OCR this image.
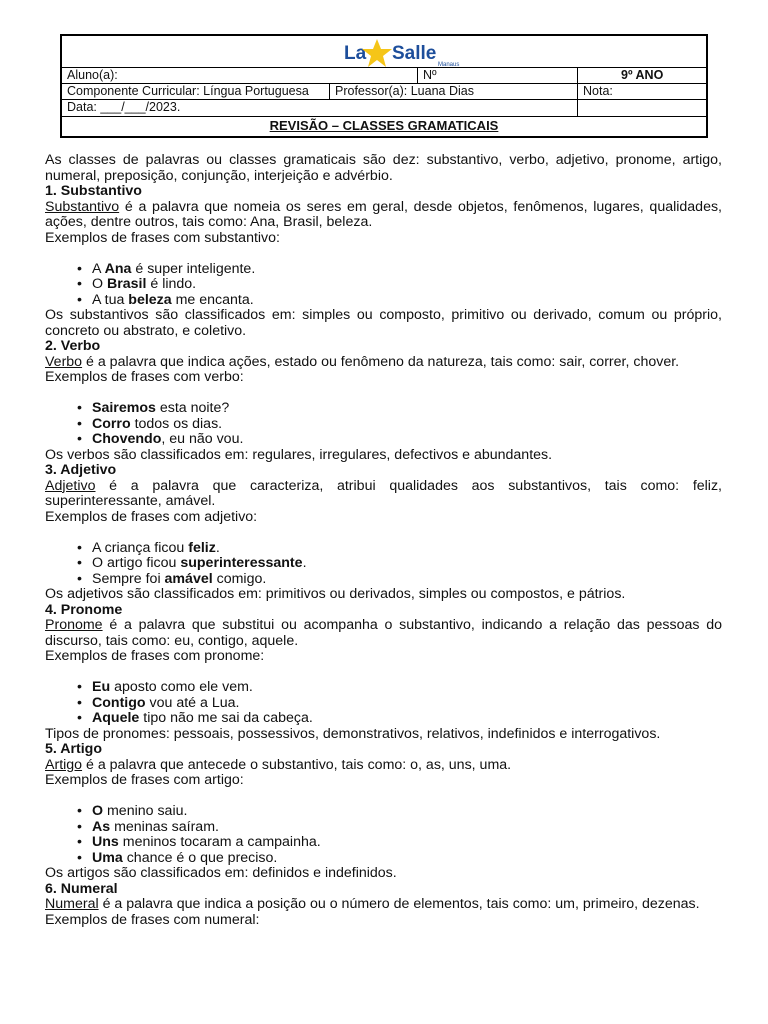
La Salle
Manaus
Aluno(a):	Nº	9º ANO
Componente Curricular: Língua Portuguesa	Professor(a): Luana Dias	Nota:
Data: ___/___/2023.
REVISÃO – CLASSES GRAMATICAIS

As classes de palavras ou classes gramaticais são dez: substantivo, verbo, adjetivo, pronome, artigo, numeral, preposição, conjunção, interjeição e advérbio.

1. Substantivo

Substantivo é a palavra que nomeia os seres em geral, desde objetos, fenômenos, lugares, qualidades, ações, dentre outros, tais como: Ana, Brasil, beleza.

Exemplos de frases com substantivo:

• A Ana é super inteligente.
• O Brasil é lindo.
• A tua beleza me encanta.

Os substantivos são classificados em: simples ou composto, primitivo ou derivado, comum ou próprio, concreto ou abstrato, e coletivo.

2. Verbo

Verbo é a palavra que indica ações, estado ou fenômeno da natureza, tais como: sair, correr, chover.

Exemplos de frases com verbo:

• Sairemos esta noite?
• Corro todos os dias.
• Chovendo, eu não vou.

Os verbos são classificados em: regulares, irregulares, defectivos e abundantes.

3. Adjetivo

Adjetivo é a palavra que caracteriza, atribui qualidades aos substantivos, tais como: feliz, superinteressante, amável.

Exemplos de frases com adjetivo:

• A criança ficou feliz.
• O artigo ficou superinteressante.
• Sempre foi amável comigo.

Os adjetivos são classificados em: primitivos ou derivados, simples ou compostos, e pátrios.

4. Pronome

Pronome é a palavra que substitui ou acompanha o substantivo, indicando a relação das pessoas do discurso, tais como: eu, contigo, aquele.

Exemplos de frases com pronome:

• Eu aposto como ele vem.
• Contigo vou até a Lua.
• Aquele tipo não me sai da cabeça.

Tipos de pronomes: pessoais, possessivos, demonstrativos, relativos, indefinidos e interrogativos.

5. Artigo

Artigo é a palavra que antecede o substantivo, tais como: o, as, uns, uma.

Exemplos de frases com artigo:

• O menino saiu.
• As meninas saíram.
• Uns meninos tocaram a campainha.
• Uma chance é o que preciso.

Os artigos são classificados em: definidos e indefinidos.

6. Numeral

Numeral é a palavra que indica a posição ou o número de elementos, tais como: um, primeiro, dezenas.

Exemplos de frases com numeral:
